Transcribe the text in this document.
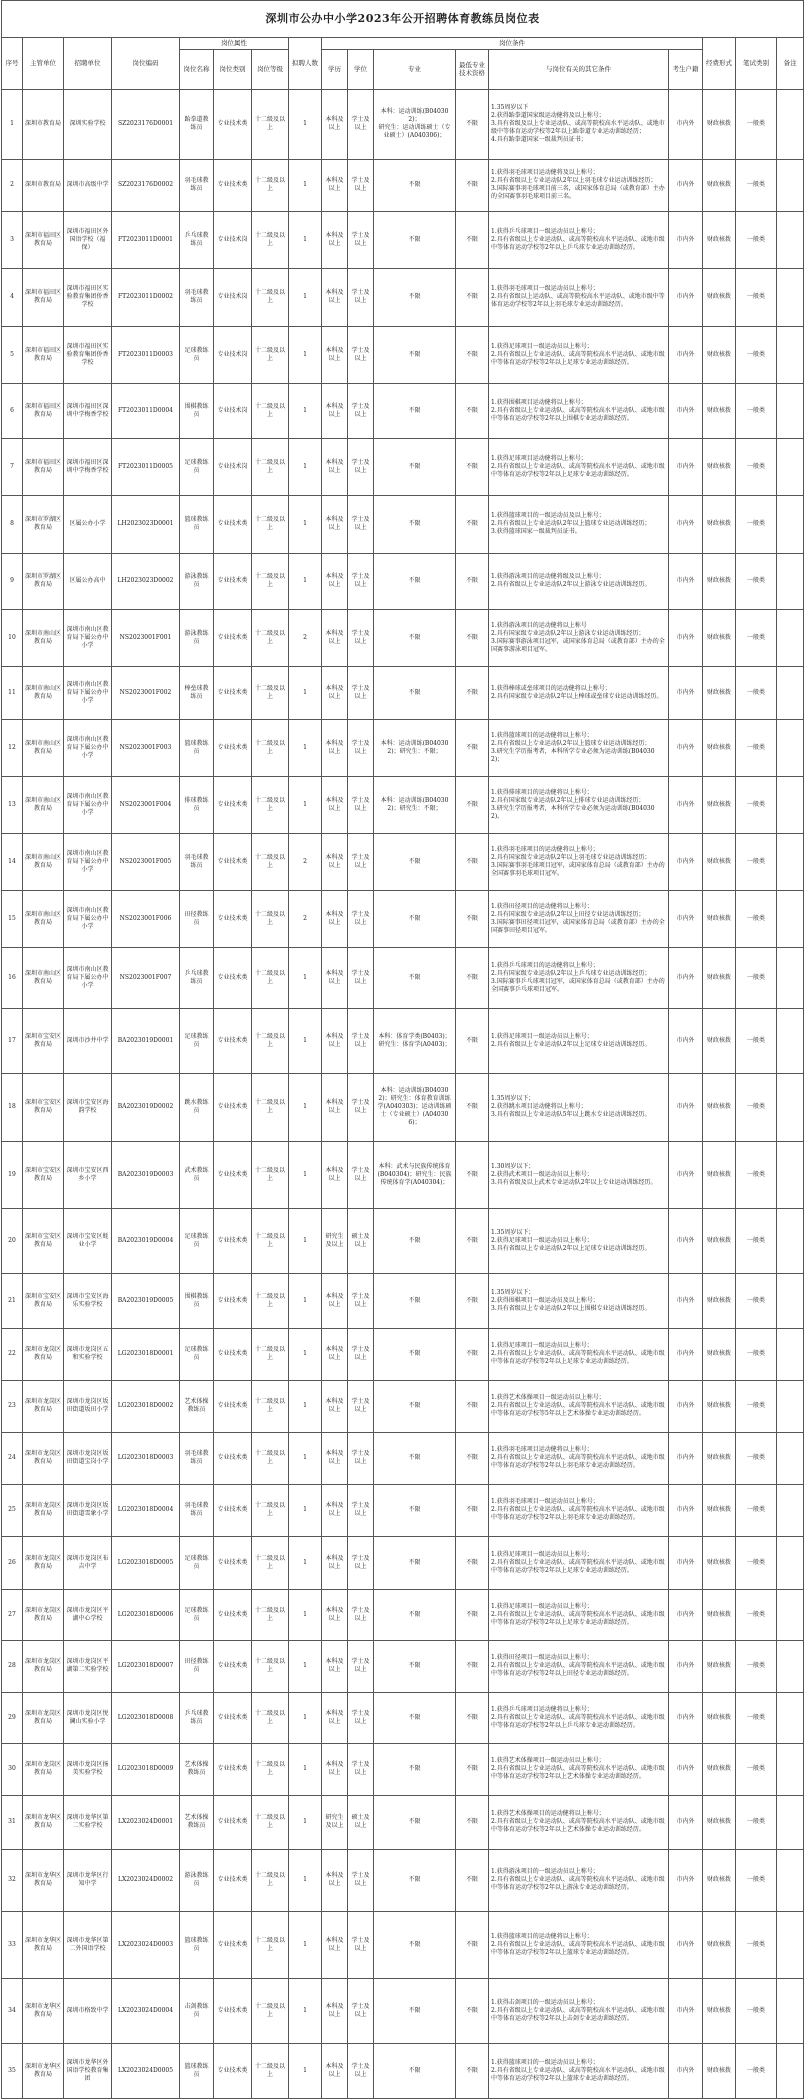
深圳市公办中小学2023年公开招聘体育教练员岗位表																
序号	主管单位	招聘单位	岗位编码	岗位属性			拟聘人数	岗位条件						经费形式	笔试类别	备注
				岗位名称	岗位类别	岗位等级		学历	学位	专业	最低专业技术资格	与岗位有关的其它条件	考生户籍			
1	深圳市教育局	深圳实验学校	SZ2023176D0001	跆拳道教练员	专业技术类	十二级及以上	1	本科及以上	学士及以上	本科：运动训练(B040302)；
研究生：运动训练硕士（专业硕士）(A040306)；	不限	1.35周岁以下
2.获得跆拳道国家级运动健将及以上称号；
3.具有省级及以上专业运动队、或高等院校高水平运动队、或地市级中等体育运动学校等2年以上跆拳道专业运动训练经历；
4.具有跆拳道国家一级裁判员证书；	市内外	财政核拨	一般类	
2	深圳市教育局	深圳市高级中学	SZ2023176D0002	羽毛球教练员	专业技术类	十二级及以上	1	本科及以上	学士及以上	不限	不限	1.获得羽毛球项目运动健将及以上称号；
2.具有省级以上专业运动队2年以上羽毛球专业运动训练经历；
3.国际赛事羽毛球项目前三名，或国家体育总局（或教育部）主办的全国赛事羽毛球项目前三名。	市内外	财政核拨	一般类	
3	深圳市福田区教育局	深圳市福田区外国语学校（福保）	FT2023011D0001	乒乓球教练员	专业技术岗	十二级及以上	1	本科及以上	学士及以上	不限	不限	1.获得乒乓球项目一级运动员以上称号；
2.具有省级以上专业运动队、或高等院校高水平运动队、或地市级中等体育运动学校等2年以上乒乓球专业运动训练经历。	市内外	财政核拨	一般类	
4	深圳市福田区教育局	深圳市福田区实验教育集团侨香学校	FT2023011D0002	羽毛球教练员	专业技术岗	十二级及以上	1	本科及以上	学士及以上	不限	不限	1.获得羽毛球项目一级运动员以上称号；
2.具有省级以上运动队、或高等院校高水平运动队、或地市级中等体育运动学校等2年以上羽毛球专业运动训练经历。	市内外	财政核拨	一般类	
5	深圳市福田区教育局	深圳市福田区实验教育集团侨香学校	FT2023011D0003	足球教练员	专业技术岗	十二级及以上	1	本科及以上	学士及以上	不限	不限	1.获得足球项目一级运动员以上称号；
2.具有省级以上专业运动队、或高等院校高水平运动队、或地市级中等体育运动学校等2年以上足球专业运动训练经历。	市内外	财政核拨	一般类	
6	深圳市福田区教育局	深圳市福田区深圳中学梅香学校	FT2023011D0004	围棋教练员	专业技术岗	十二级及以上	1	本科及以上	学士及以上	不限	不限	1.获得围棋项目运动健将以上称号；
2.具有省级以上专业运动队、或高等院校高水平运动队、或地市级中等体育运动学校等2年以上围棋专业运动训练经历。	市内外	财政核拨	一般类	
7	深圳市福田区教育局	深圳市福田区深圳中学梅香学校	FT2023011D0005	足球教练员	专业技术岗	十二级及以上	1	本科及以上	学士及以上	不限	不限	1.获得足球项目运动健将以上称号；
2.具有省级以上专业运动队、或高等院校高水平运动队、或地市级中等体育运动学校等2年以上足球专业运动训练经历。	市内外	财政核拨	一般类	
8	深圳市罗湖区教育局	区属公办小学	LH2023023D0001	篮球教练员	专业技术类	十二级及以上	1	本科及以上	学士及以上	不限	不限	1.获得篮球项目的一级运动员及以上称号；
2.具有省级以上专业运动队2年以上篮球专业运动训练经历；
3.获得篮球国家一级裁判员证书。	市内外	财政核拨	一般类	
9	深圳市罗湖区教育局	区属公办高中	LH2023023D0002	游泳教练员	专业技术类	十二级及以上	1	本科及以上	学士及以上	不限	不限	1.获得游泳项目的运动健将级及以上称号；
2.具有省级以上专业运动队2年以上游泳专业运动训练经历。	市内外	财政核拨	一般类	
10	深圳市南山区教育局	深圳市南山区教育局下属公办中小学	NS2023001F001	游泳教练员	专业技术类	十二级及以上	2	本科及以上	学士及以上	不限	不限	1.获得游泳项目的运动健将以上称号
2.具有国家级专业运动队2年以上游泳专业运动训练经历；
3.国际赛事游泳项目冠军，或国家体育总局（或教育部）主办的全国赛事游泳项目冠军。	市内外	财政核拨	一般类	
11	深圳市南山区教育局	深圳市南山区教育局下属公办中小学	NS2023001F002	棒垒球教练员	专业技术类	十二级及以上	1	本科及以上	学士及以上	不限	不限	1.获得棒球或垒球项目的运动健将以上称号；
2.具有国家级专业运动队2年以上棒球或垒球专业运动训练经历。	市内外	财政核拨	一般类	
12	深圳市南山区教育局	深圳市南山区教育局下属公办中小学	NS2023001F003	篮球教练员	专业技术类	十二级及以上	1	本科及以上	学士及以上	本科：运动训练(B040302)；研究生：不限；	不限	1.获得篮球项目的运动健将以上称号；
2.具有省级以上专业运动队2年以上篮球专业运动训练经历；
3.研究生学历报考者，本科所学专业必须为运动训练(B040302)；	市内外	财政核拨	一般类	
13	深圳市南山区教育局	深圳市南山区教育局下属公办中小学	NS2023001F004	排球教练员	专业技术类	十二级及以上	1	本科及以上	学士及以上	本科：运动训练(B040302)；研究生：不限；	不限	1.获得排球项目的运动健将以上称号；
2.具有国家级专业运动队2年以上排球专业运动训练经历；
3.研究生学历报考者，本科所学专业必须为运动训练(B040302)。	市内外	财政核拨	一般类	
14	深圳市南山区教育局	深圳市南山区教育局下属公办中小学	NS2023001F005	羽毛球教练员	专业技术类	十二级及以上	2	本科及以上	学士及以上	不限	不限	1.获得羽毛球项目的运动健将以上称号；
2.具有国家级专业运动队2年以上羽毛球专业运动训练经历；
3.国际赛事羽毛球项目冠军，或国家体育总局（或教育部）主办的全国赛事羽毛球项目冠军。	市内外	财政核拨	一般类	
15	深圳市南山区教育局	深圳市南山区教育局下属公办中小学	NS2023001F006	田径教练员	专业技术类	十二级及以上	2	本科及以上	学士及以上	不限	不限	1.获得田径项目的运动健将以上称号；
2.具有国家级专业运动队2年以上田径专业运动训练经历；
3.国际赛事田径项目冠军，或国家体育总局（或教育部）主办的全国赛事田径项目冠军。	市内外	财政核拨	一般类	
16	深圳市南山区教育局	深圳市南山区教育局下属公办中小学	NS2023001F007	乒乓球教练员	专业技术类	十二级及以上	1	本科及以上	学士及以上	不限	不限	1.获得乒乓球项目的运动健将以上称号；
2.具有国家级专业运动队2年以上乒乓球专业运动训练经历；
3.国际赛事乒乓球项目冠军，或国家体育总局（或教育部）主办的全国赛事乒乓球项目冠军。	市内外	财政核拨	一般类	
17	深圳市宝安区教育局	深圳市沙井中学	BA2023019D0001	足球教练员	专业技术类	十二级及以上	1	本科及以上	学士及以上	本科：体育学类(B0403)；研究生：体育学(A0403)；	不限	1.获得足球项目一级运动员以上称号；
2.具有省级以上专业运动队2年以上足球专业运动训练经历。	市内外	财政核拨	一般类	
18	深圳市宝安区教育局	深圳市宝安区海韵学校	BA2023019D0002	跳水教练员	专业技术类	十二级及以上	1	本科及以上	学士及以上	本科：运动训练(B040302)；研究生：体育教育训练学(A040303)；运动训练硕士（专业硕士）(A040306)；	不限	1.35周岁以下；
2.获得跳水项目运动健将以上称号；
3.具有省级以上专业运动队5年以上跳水专业运动训练经历。	市内外	财政核拨	一般类	
19	深圳市宝安区教育局	深圳市宝安区西乡小学	BA2023019D0003	武术教练员	专业技术类	十二级及以上	1	本科及以上	学士及以上	本科：武术与民族传统体育(B040304)；研究生：民族传统体育学(A040304)；	不限	1.30周岁以下；
2.获得武术项目一级运动员以上称号；
3.具有省级及以上武术专业运动队2年以上专业运动训练经历。	市内外	财政核拨	一般类	
20	深圳市宝安区教育局	深圳市宝安区蚝业小学	BA2023019D0004	足球教练员	专业技术类	十二级及以上	1	研究生及以上	硕士及以上	不限	不限	1.35周岁以下；
2.获得足球项目一级运动员以上称号；
3.具有省级以上专业运动队2年以上足球专业运动训练经历。	市内外	财政核拨	一般类	
21	深圳市宝安区教育局	深圳市宝安区海乐实验学校	BA2023019D0005	围棋教练员	专业技术类	十二级及以上	1	本科及以上	学士及以上	不限	不限	1.35周岁以下；
2.获得围棋项目一级运动员及以上称号；
3.具有省级以上专业运动队2年以上围棋专业运动训练经历。	市内外	财政核拨	一般类	
22	深圳市龙岗区教育局	深圳市龙岗区五和实验学校	LG2023018D0001	足球教练员	专业技术类	十二级及以上	1	本科及以上	学士及以上	不限	不限	1.获得足球项目一级运动员以上称号；
2.具有省级以上专业运动队、或高等院校高水平运动队、或地市级中等体育运动学校等2年以上足球专业运动训练经历。	市内外	财政核拨	一般类	
23	深圳市龙岗区教育局	深圳市龙岗区坂田街道坂田小学	LG2023018D0002	艺术体操教练员	专业技术类	十二级及以上	1	本科及以上	学士及以上	不限	不限	1.获得艺术体操项目一级运动员以上称号；
2.具有省级以上专业运动队、或高等院校高水平运动队、或地市级中等体育运动学校等5年以上艺术体操专业运动训练经历。	市内外	财政核拨	一般类	
24	深圳市龙岗区教育局	深圳市龙岗区坂田街道宝岗小学	LG2023018D0003	羽毛球教练员	专业技术类	十二级及以上	1	本科及以上	学士及以上	不限	不限	1.获得羽毛球项目运动健将以上称号；
2.具有省级以上专业运动队、或高等院校高水平运动队、或地市级中等体育运动学校等2年以上羽毛球专业运动训练经历。	市内外	财政核拨	一般类	
25	深圳市龙岗区教育局	深圳市龙岗区坂田街道雪象小学	LG2023018D0004	羽毛球教练员	专业技术类	十二级及以上	1	本科及以上	学士及以上	不限	不限	1.获得羽毛球项目一级运动员以上称号；
2.具有省级以上专业运动队、或高等院校高水平运动队、或地市级中等体育运动学校等2年以上羽毛球专业运动训练经历。	市内外	财政核拨	一般类	
26	深圳市龙岗区教育局	深圳市龙岗区布吉中学	LG2023018D0005	足球教练员	专业技术类	十二级及以上	1	本科及以上	学士及以上	不限	不限	1.获得足球项目一级运动员以上称号；
2.具有省级以上专业运动队、或高等院校高水平运动队、或地市级中等体育运动学校等2年以上足球专业运动训练经历。	市内外	财政核拨	一般类	
27	深圳市龙岗区教育局	深圳市龙岗区平湖中心学校	LG2023018D0006	足球教练员	专业技术类	十二级及以上	1	本科及以上	学士及以上	不限	不限	1.获得足球项目一级运动员以上称号；
2.具有省级以上专业运动队、或高等院校高水平运动队、或地市级中等体育运动学校等2年以上足球专业运动训练经历。	市内外	财政核拨	一般类	
28	深圳市龙岗区教育局	深圳市龙岗区平湖第二实验学校	LG2023018D0007	田径教练员	专业技术类	十二级及以上	1	本科及以上	学士及以上	不限	不限	1.获得田径项目一级运动员以上称号；
2.具有省级以上专业运动队、或高等院校高水平运动队、或地市级中等体育运动学校等2年以上田径专业运动训练经历。	市内外	财政核拨	一般类	
29	深圳市龙岗区教育局	深圳市龙岗区悦澜山实验小学	LG2023018D0008	乒乓球教练员	专业技术类	十二级及以上	1	本科及以上	学士及以上	不限	不限	1.获得乒乓球项目运动健将以上称号；
2.具有省级以上专业运动队、或高等院校高水平运动队、或地市级中等体育运动学校等2年以上乒乓球专业运动训练经历。	市内外	财政核拨	一般类	
30	深圳市龙岗区教育局	深圳市龙岗区扬美实验学校	LG2023018D0009	艺术体操教练员	专业技术类	十二级及以上	1	本科及以上	学士及以上	不限	不限	1.获得艺术体操项目一级运动员以上称号；
2.具有省级以上专业运动队、或高等院校高水平运动队、或地市级中等体育运动学校等2年以上艺术体操专业运动训练经历。	市内外	财政核拨	一般类	
31	深圳市龙华区教育局	深圳市龙华区第二实验学校	LX2023024D0001	艺术体操教练员	专业技术类	十二级及以上	1	研究生及以上	硕士及以上	不限	不限	1.获得艺术体操项目的运动健将以上称号；
2.具有省级以上专业运动队、或高等院校高水平运动队、或地市级中等体育运动学校等2年以上艺术体操专业运动训练经历。	市内外	财政核拨	一般类	
32	深圳市龙华区教育局	深圳市龙华区行知中学	LX2023024D0002	游泳教练员	专业技术类	十二级及以上	1	本科及以上	学士及以上	不限	不限	1.获得游泳项目的一级运动员以上称号；
2.具有省级以上专业运动队、或高等院校高水平运动队、或地市级中等体育运动学校等2年以上游泳专业运动训练经历。	市内外	财政核拨	一般类	
33	深圳市龙华区教育局	深圳市龙华区第二外国语学校	LX2023024D0003	篮球教练员	专业技术类	十二级及以上	1	本科及以上	学士及以上	不限	不限	1.获得篮球项目的运动健将以上称号；
2.具有省级以上专业运动队、或高等院校高水平运动队、或地市级中等体育运动学校等2年以上篮球专业运动训练经历。	市内外	财政核拨	一般类	
34	深圳市龙华区教育局	深圳市格致中学	LX2023024D0004	击剑教练员	专业技术类	十二级及以上	1	本科及以上	学士及以上	不限	不限	1.获得击剑项目的一级运动员以上称号；
2.具有省级以上专业运动队、或高等院校高水平运动队、或地市级中等体育运动学校等2年以上击剑专业运动训练经历。	市内外	财政核拨	一般类	
35	深圳市龙华区教育局	深圳市龙华区外国语学校教育集团	LX2023024D0005	篮球教练员	专业技术类	十二级及以上	1	本科及以上	学士及以上	不限	不限	1.获得篮球项目的一级运动员以上称号；
2.具有省级以上专业运动队、或高等院校高水平运动队、或地市级中等体育运动学校等2年以上篮球专业运动训练经历。	市内外	财政核拨	一般类	
